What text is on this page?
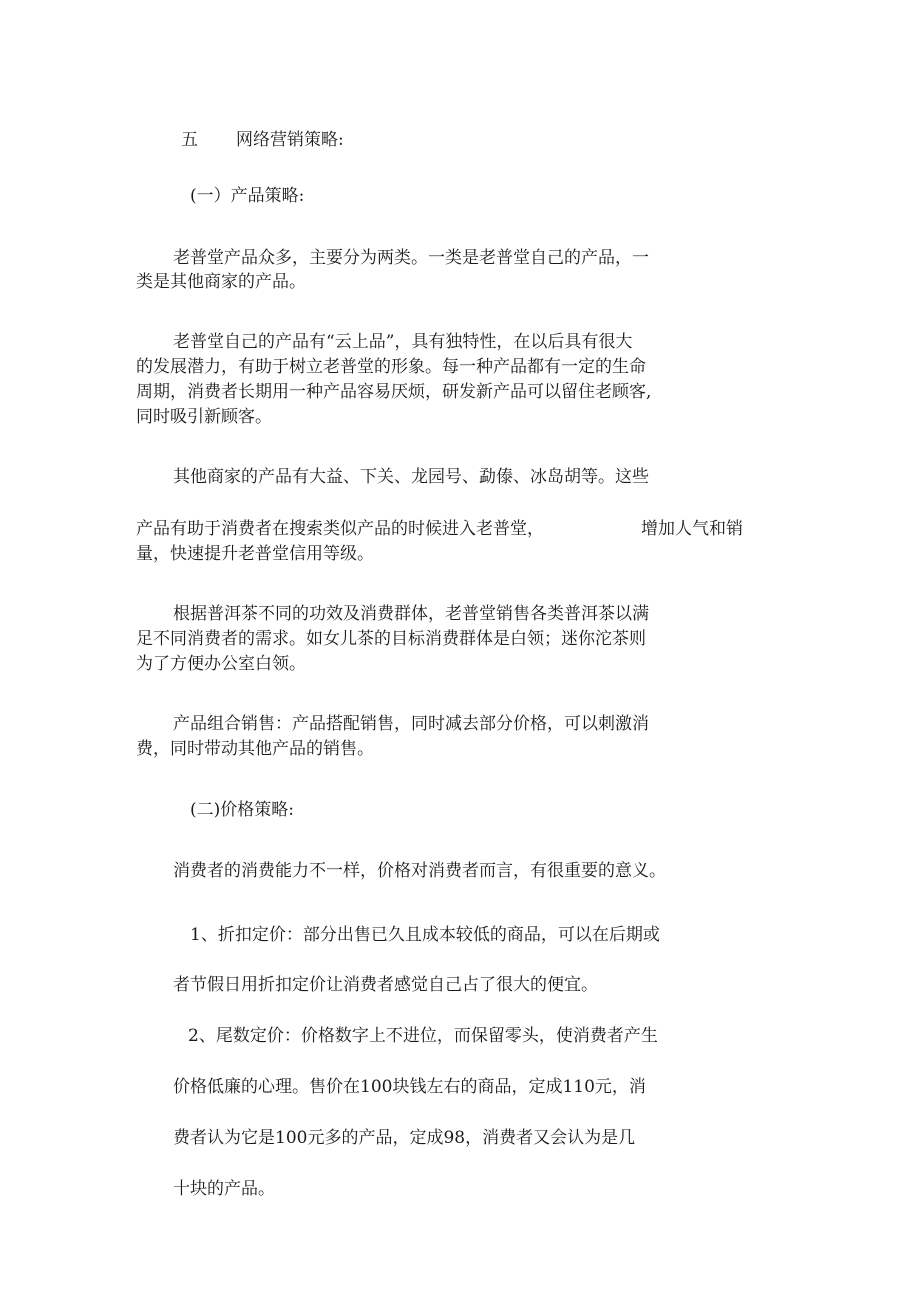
五 网络营销策略:
(一）产品策略:
老普堂产品众多，主要分为两类。一类是老普堂自己的产品，一
类是其他商家的产品。
老普堂自己的产品有“云上品”，具有独特性，在以后具有很大
的发展潜力，有助于树立老普堂的形象。每一种产品都有一定的生命
周期，消费者长期用一种产品容易厌烦，研发新产品可以留住老顾客,
同时吸引新顾客。
其他商家的产品有大益、下关、龙园号、勐傣、冰岛胡等。这些
产品有助于消费者在搜索类似产品的时候进入老普堂，	增加人气和销
量，快速提升老普堂信用等级。
根据普洱茶不同的功效及消费群体，老普堂销售各类普洱茶以满
足不同消费者的需求。如女儿茶的目标消费群体是白领；迷你沱茶则
为了方便办公室白领。
产品组合销售：产品搭配销售，同时减去部分价格，可以刺激消
费，同时带动其他产品的销售。
(二)价格策略:
消费者的消费能力不一样，价格对消费者而言，有很重要的意义。
1、折扣定价：部分出售已久且成本较低的商品，可以在后期或
者节假日用折扣定价让消费者感觉自己占了很大的便宜。
2、尾数定价：价格数字上不进位，而保留零头，使消费者产生
价格低廉的心理。售价在100块钱左右的商品，定成110元，消
费者认为它是100元多的产品，定成98，消费者又会认为是几
十块的产品。
